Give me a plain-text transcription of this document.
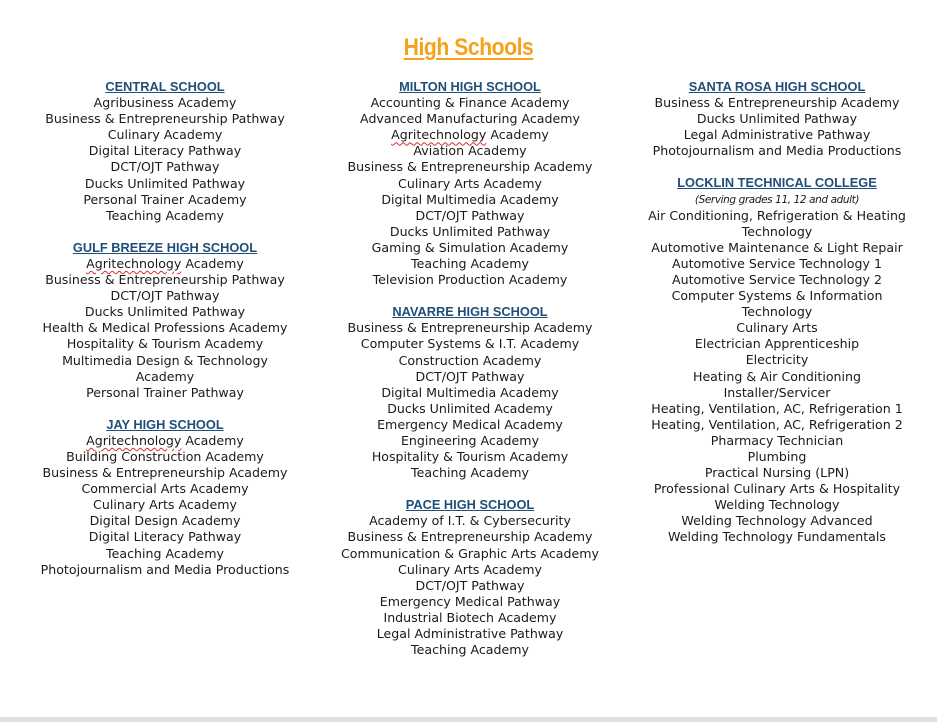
High Schools
CENTRAL SCHOOL
Agribusiness Academy
Business & Entrepreneurship Pathway
Culinary Academy
Digital Literacy Pathway
DCT/OJT Pathway
Ducks Unlimited Pathway
Personal Trainer Academy
Teaching Academy
GULF BREEZE HIGH SCHOOL
Agritechnology Academy
Business & Entrepreneurship Pathway
DCT/OJT Pathway
Ducks Unlimited Pathway
Health & Medical Professions Academy
Hospitality & Tourism Academy
Multimedia Design & Technology Academy
Personal Trainer Pathway
JAY HIGH SCHOOL
Agritechnology Academy
Building Construction Academy
Business & Entrepreneurship Academy
Commercial Arts Academy
Culinary Arts Academy
Digital Design Academy
Digital Literacy Pathway
Teaching Academy
Photojournalism and Media Productions
MILTON HIGH SCHOOL
Accounting & Finance Academy
Advanced Manufacturing Academy
Agritechnology Academy
Aviation Academy
Business & Entrepreneurship Academy
Culinary Arts Academy
Digital Multimedia Academy
DCT/OJT Pathway
Ducks Unlimited Pathway
Gaming & Simulation Academy
Teaching Academy
Television Production Academy
NAVARRE HIGH SCHOOL
Business & Entrepreneurship Academy
Computer Systems & I.T. Academy
Construction Academy
DCT/OJT Pathway
Digital Multimedia Academy
Ducks Unlimited Academy
Emergency Medical Academy
Engineering Academy
Hospitality & Tourism Academy
Teaching Academy
PACE HIGH SCHOOL
Academy of I.T. & Cybersecurity
Business & Entrepreneurship Academy
Communication & Graphic Arts Academy
Culinary Arts Academy
DCT/OJT Pathway
Emergency Medical Pathway
Industrial Biotech Academy
Legal Administrative Pathway
Teaching Academy
SANTA ROSA HIGH SCHOOL
Business & Entrepreneurship Academy
Ducks Unlimited Pathway
Legal Administrative Pathway
Photojournalism and Media Productions
LOCKLIN TECHNICAL COLLEGE
(Serving grades 11, 12 and adult)
Air Conditioning, Refrigeration & Heating Technology
Automotive Maintenance & Light Repair
Automotive Service Technology 1
Automotive Service Technology 2
Computer Systems & Information Technology
Culinary Arts
Electrician Apprenticeship
Electricity
Heating & Air Conditioning Installer/Servicer
Heating, Ventilation, AC, Refrigeration 1
Heating, Ventilation, AC, Refrigeration 2
Pharmacy Technician
Plumbing
Practical Nursing (LPN)
Professional Culinary Arts & Hospitality
Welding Technology
Welding Technology Advanced
Welding Technology Fundamentals
